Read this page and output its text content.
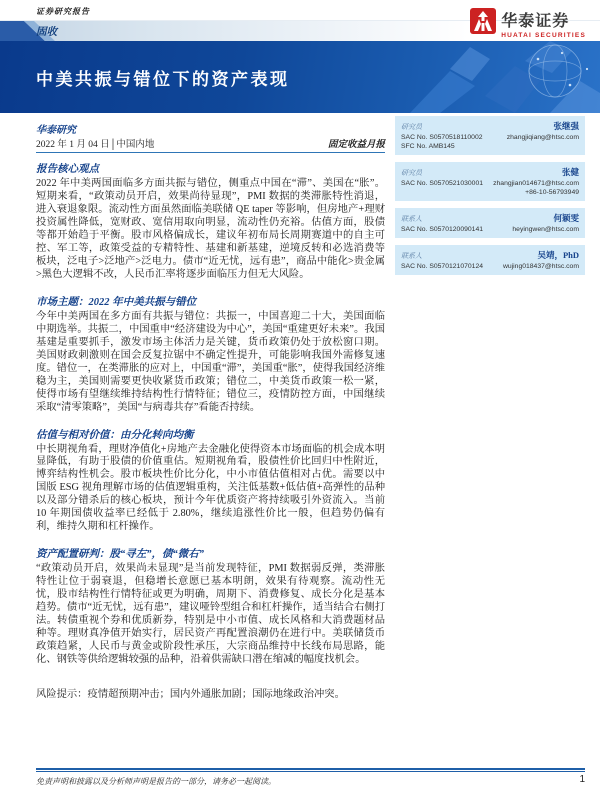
证券研究报告
固收
华泰证券
HUATAI SECURITIES
中美共振与错位下的资产表现
华泰研究
2022 年 1 月 04 日│中国内地	固定收益月报
报告核心观点
2022 年中美两国面临多方面共振与错位，侧重点中国在“滞”、美国在“胀”。短期来看，“政策动员开启，效果尚待显现”，PMI 数据的类滞胀特性消退，进入衰退象限。流动性方面虽然面临美联储 QE taper 等影响，但房地产+理财投资属性降低，宽财政、宽信用取向明显，流动性仍充裕。估值方面，股债等都开始趋于平衡。股市风格偏成长，建议年初布局长周期赛道中的自主可控、军工等，政策受益的专精特性、基建和新基建，逆境反转和必选消费等板块，泛电子>泛地产>泛电力。债市“近无忧，远有患”，商品中能化>贵金属>黑色大逻辑不改，人民币汇率将逐步面临压力但无大风险。
市场主题：2022 年中美共振与错位
今年中美两国在多方面有共振与错位：共振一，中国喜迎二十大，美国面临中期选举。共振二，中国重申“经济建设为中心”，美国“重建更好未来”。我国基建是重要抓手，激发市场主体活力是关键，货币政策仍处于放松窗口期。美国财政刺激则在国会反复拉锯中不确定性提升，可能影响我国外需修复速度。错位一，在类滞胀的应对上，中国重“滞”，美国重“胀”，使得我国经济维稳为主，美国则需要更快收紧货币政策；错位二，中美货币政策一松一紧，使得市场有望继续维持结构性行情特征；错位三，疫情防控方面，中国继续采取“清零策略”，美国“与病毒共存”看能否持续。
估值与相对价值：由分化转向均衡
中长期视角看，理财净值化+房地产去金融化使得资本市场面临的机会成本明显降低，有助于股债的价值重估。短期视角看，股债性价比回归中性附近，博弈结构性机会。股市板块性价比分化，中小市值估值相对占优。需要以中国版 ESG 视角理解市场的估值逻辑重构，关注低基数+低估值+高弹性的品种以及部分错杀后的核心板块，预计今年优质资产将持续吸引外资流入。当前 10 年期国债收益率已经低于 2.80%，继续追涨性价比一般，但趋势仍偏有利，维持久期和杠杆操作。
资产配置研判：股“寻左”，债“微右”
“政策动员开启，效果尚未显现”是当前发现特征，PMI 数据弱反弹，类滞胀特性让位于弱衰退，但稳增长意愿已基本明朗，效果有待观察。流动性无忧，股市结构性行情特征或更为明确，周期下、消费修复、成长分化是基本趋势。债市“近无忧，远有患”，建议哑铃型组合和杠杆操作，适当结合右侧打法。转债重视个券和优质新券，特别是中小市值、成长风格和大消费题材品种等。理财真净值开始实行，居民资产再配置浪潮仍在进行中。美联储货币政策趋紧，人民币与黄金或阶段性承压，大宗商品维持中长线布局思路，能化、钢铁等供给逻辑较强的品种，沿着供需缺口潜在缩减的幅度找机会。
风险提示：疫情超预期冲击；国内外通胀加剧；国际地缘政治冲突。
研究员	张继强
SAC No. S0570518110002	zhangjiqiang@htsc.com
SFC No. AMB145
研究员	张健
SAC No. S0570521030001 zhangjian014671@htsc.com
+86-10-56793949
联系人	何颖雯
SAC No. S0570120090141	heyingwen@htsc.com
联系人	吴靖，PhD
SAC No. S0570121070124	wujing018437@htsc.com
免责声明和披露以及分析师声明是报告的一部分，请务必一起阅读。	1
